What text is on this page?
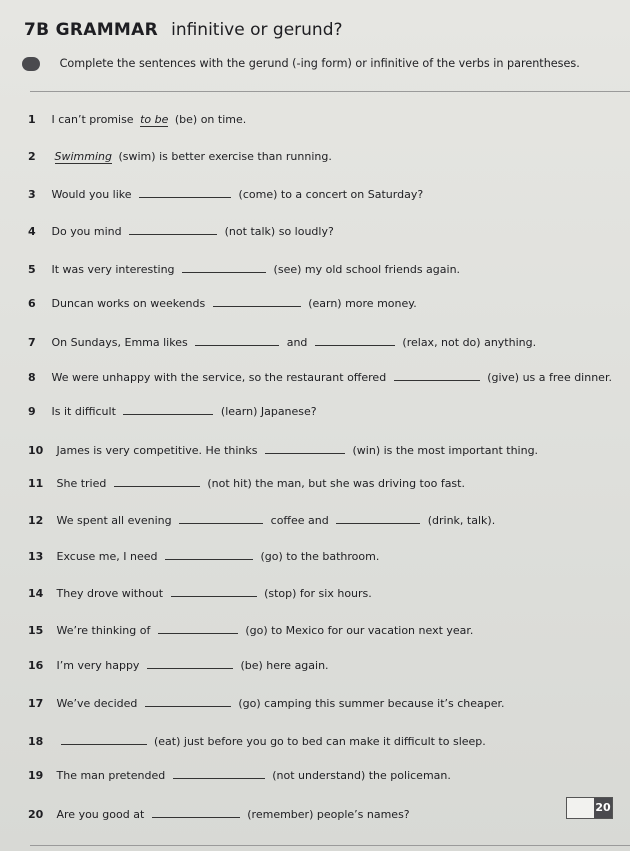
7B GRAMMAR infinitive or gerund?
Complete the sentences with the gerund (-ing form) or infinitive of the verbs in parentheses.
1 I can’t promise to be (be) on time.
2 Swimming (swim) is better exercise than running.
3 Would you like	(come) to a concert on Saturday?
4 Do you mind	(not talk) so loudly?
5 It was very interesting	(see) my old school friends again.
6 Duncan works on weekends	(earn) more money.
7 On Sundays, Emma likes	and	(relax, not do) anything.
8 We were unhappy with the service, so the restaurant offered	(give) us a free dinner.
9 Is it difficult	(learn) Japanese?
10 James is very competitive. He thinks	(win) is the most important thing.
11 She tried	(not hit) the man, but she was driving too fast.
12 We spent all evening	coffee and	(drink, talk).
13 Excuse me, I need	(go) to the bathroom.
14 They drove without	(stop) for six hours.
15 We’re thinking of	(go) to Mexico for our vacation next year.
16 I’m very happy	(be) here again.
17 We’ve decided	(go) camping this summer because it’s cheaper.
18	(eat) just before you go to bed can make it difficult to sleep.
19 The man pretended	(not understand) the policeman.
20 Are you good at	(remember) people’s names?
20
